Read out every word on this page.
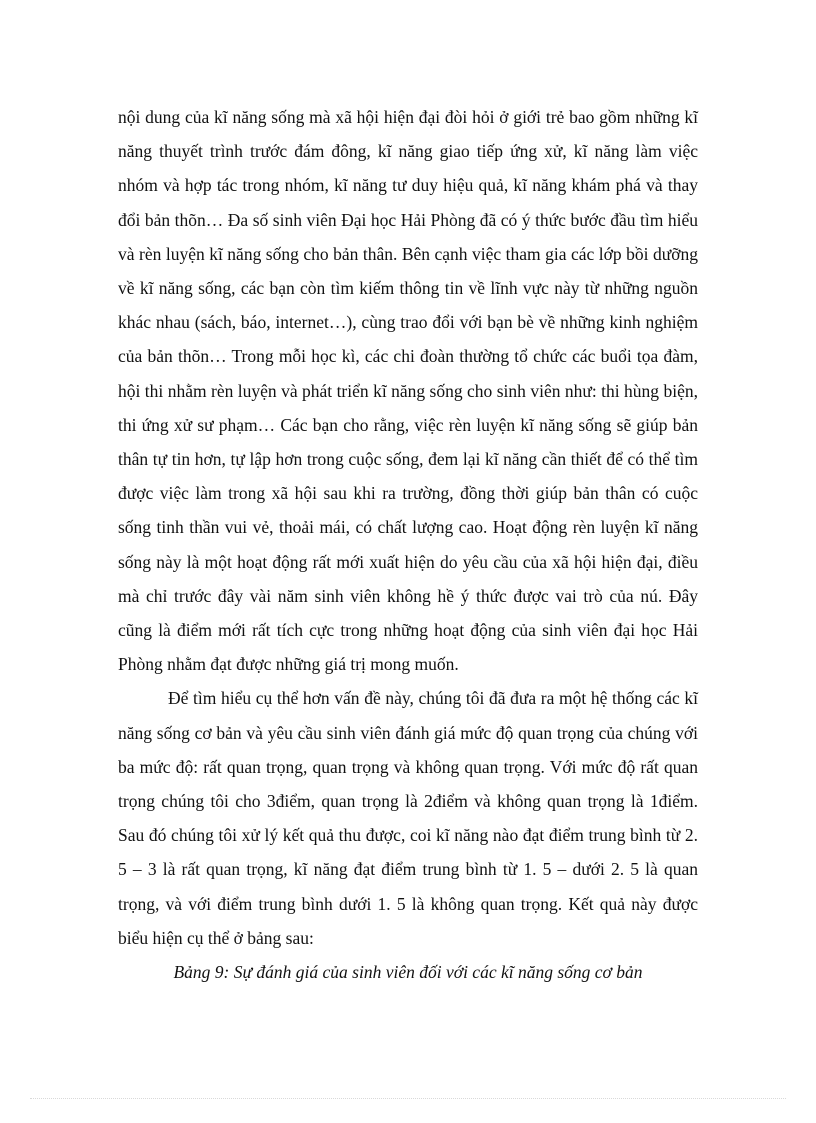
nội dung của kĩ năng sống mà xã hội hiện đại đòi hỏi ở giới trẻ bao gồm những kĩ năng thuyết trình trước đám đông, kĩ năng giao tiếp ứng xử, kĩ năng làm việc nhóm và hợp tác trong nhóm, kĩ năng tư duy hiệu quả, kĩ năng khám phá và thay đổi bản thõn… Đa số sinh viên Đại học Hải Phòng đã có ý thức bước đầu tìm hiểu và rèn luyện kĩ năng sống cho bản thân. Bên cạnh việc tham gia các lớp bồi dưỡng về kĩ năng sống, các bạn còn tìm kiếm thông tin về lĩnh vực này từ những nguồn khác nhau (sách, báo, internet…), cùng trao đổi với bạn bè về những kinh nghiệm của bản thõn… Trong mỗi học kì, các chi đoàn thường tổ chức các buổi tọa đàm, hội thi nhằm rèn luyện và phát triển kĩ năng sống cho sinh viên như: thi hùng biện, thi ứng xử sư phạm… Các bạn cho rằng, việc rèn luyện kĩ năng sống sẽ giúp bản thân tự tin hơn, tự lập hơn trong cuộc sống, đem lại kĩ năng cần thiết để có thể tìm được việc làm trong xã hội sau khi ra trường, đồng thời giúp bản thân có cuộc sống tinh thần vui vẻ, thoải mái, có chất lượng cao. Hoạt động rèn luyện kĩ năng sống này là một hoạt động rất mới xuất hiện do yêu cầu của xã hội hiện đại, điều mà chỉ trước đây vài năm sinh viên không hề ý thức được vai trò của nú. Đây cũng là điểm mới rất tích cực trong những hoạt động của sinh viên đại học Hải Phòng nhằm đạt được những giá trị mong muốn.

Để tìm hiểu cụ thể hơn vấn đề này, chúng tôi đã đưa ra một hệ thống các kĩ năng sống cơ bản và yêu cầu sinh viên đánh giá mức độ quan trọng của chúng với ba mức độ: rất quan trọng, quan trọng và không quan trọng. Với mức độ rất quan trọng chúng tôi cho 3điểm, quan trọng là 2điểm và không quan trọng là 1điểm. Sau đó chúng tôi xử lý kết quả thu được, coi kĩ năng nào đạt điểm trung bình từ 2. 5 – 3 là rất quan trọng, kĩ năng đạt điểm trung bình từ 1. 5 – dưới 2. 5 là quan trọng, và với điểm trung bình dưới 1. 5 là không quan trọng. Kết quả này được biểu hiện cụ thể ở bảng sau:

Bảng 9: Sự đánh giá của sinh viên đối với các kĩ năng sống cơ bản
